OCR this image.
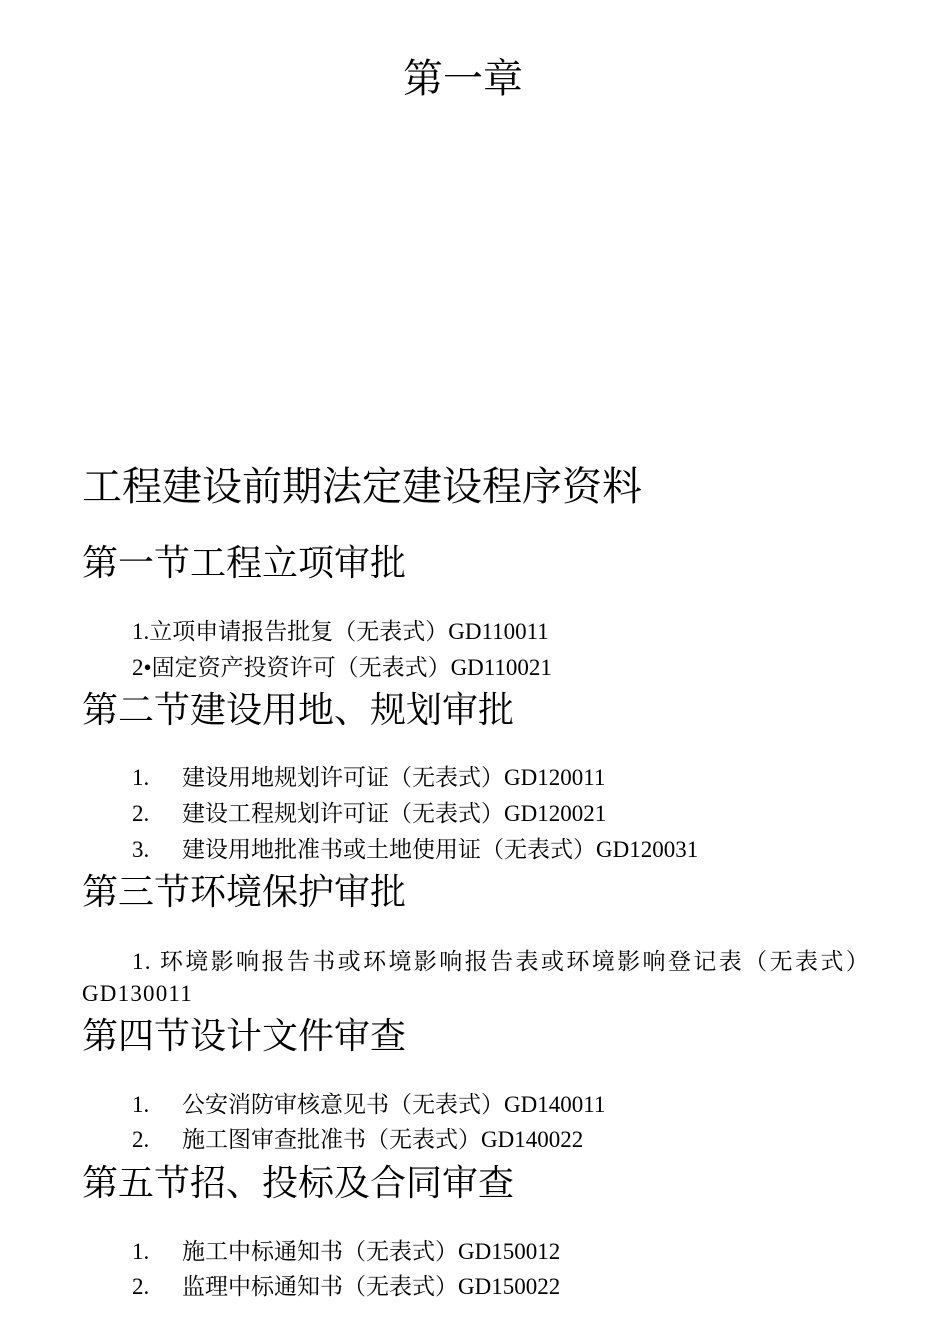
第一章
工程建设前期法定建设程序资料
第一节工程立项审批
1.立项申请报告批复（无表式）GD110011
2•固定资产投资许可（无表式）GD110021
第二节建设用地、规划审批
1. 建设用地规划许可证（无表式）GD120011
2. 建设工程规划许可证（无表式）GD120021
3. 建设用地批准书或土地使用证（无表式）GD120031
第三节环境保护审批
1. 环境影响报告书或环境影响报告表或环境影响登记表（无表式）GD130011
第四节设计文件审查
1. 公安消防审核意见书（无表式）GD140011
2. 施工图审查批准书（无表式）GD140022
第五节招、投标及合同审查
1. 施工中标通知书（无表式）GD150012
2. 监理中标通知书（无表式）GD150022
